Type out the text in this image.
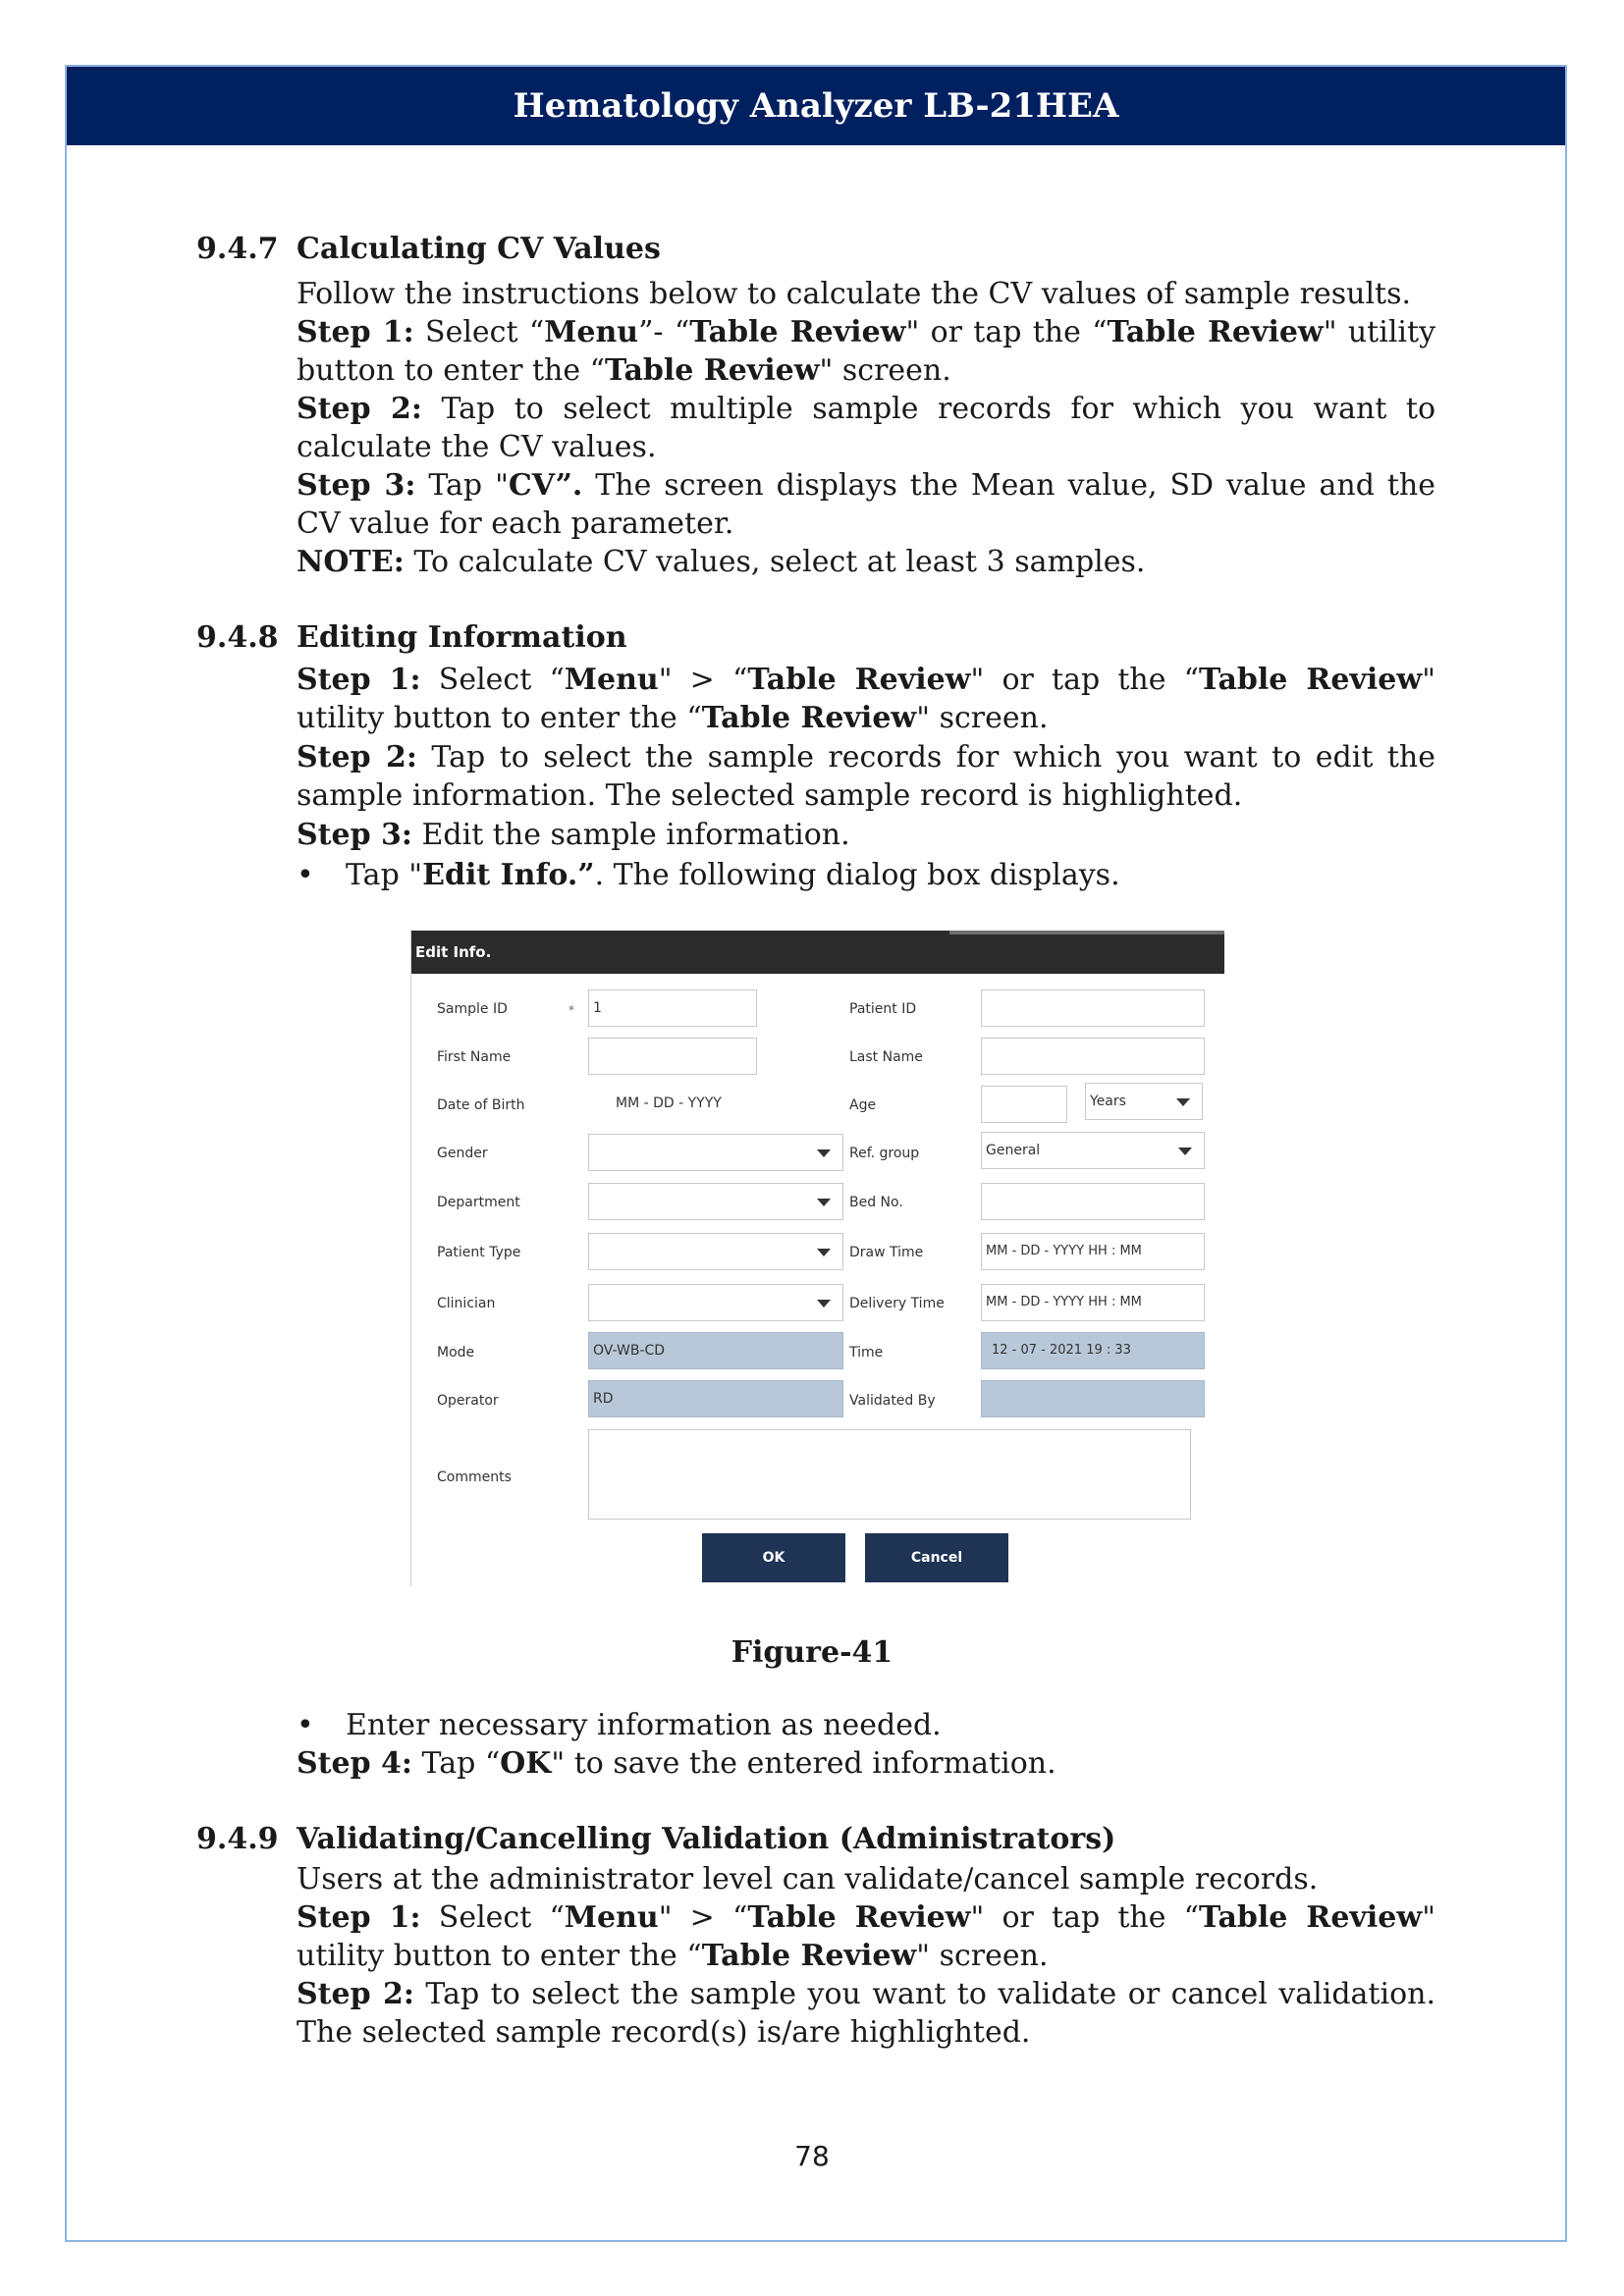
Hematology Analyzer LB-21HEA
9.4.7 Calculating CV Values
Follow the instructions below to calculate the CV values of sample results.
Step 1: Select “Menu”- “Table Review" or tap the “Table Review" utility button to enter the “Table Review" screen.
Step 2: Tap to select multiple sample records for which you want to calculate the CV values.
Step 3: Tap "CV”. The screen displays the Mean value, SD value and the CV value for each parameter.
NOTE: To calculate CV values, select at least 3 samples.
9.4.8 Editing Information
Step 1: Select “Menu" > “Table Review" or tap the “Table Review" utility button to enter the “Table Review" screen.
Step 2: Tap to select the sample records for which you want to edit the sample information. The selected sample record is highlighted.
Step 3: Edit the sample information.
• Tap "Edit Info.”. The following dialog box displays.
Edit Info.
Sample ID	*
First Name
Date of Birth
Gender
Department
Patient Type
Clinician
Mode
Operator
Comments
1
MM - DD - YYYY
OV-WB-CD
RD
Patient ID
Last Name
Age
Ref. group
Bed No.
Draw Time
Delivery Time
Time
Validated By
Years
General
MM - DD - YYYY HH : MM
MM - DD - YYYY HH : MM
12 - 07 - 2021 19 : 33
OK	Cancel
Figure-41
• Enter necessary information as needed.
Step 4: Tap “OK" to save the entered information.
9.4.9 Validating/Cancelling Validation (Administrators)
Users at the administrator level can validate/cancel sample records.
Step 1: Select “Menu" > “Table Review" or tap the “Table Review" utility button to enter the “Table Review" screen.
Step 2: Tap to select the sample you want to validate or cancel validation. The selected sample record(s) is/are highlighted.
78
